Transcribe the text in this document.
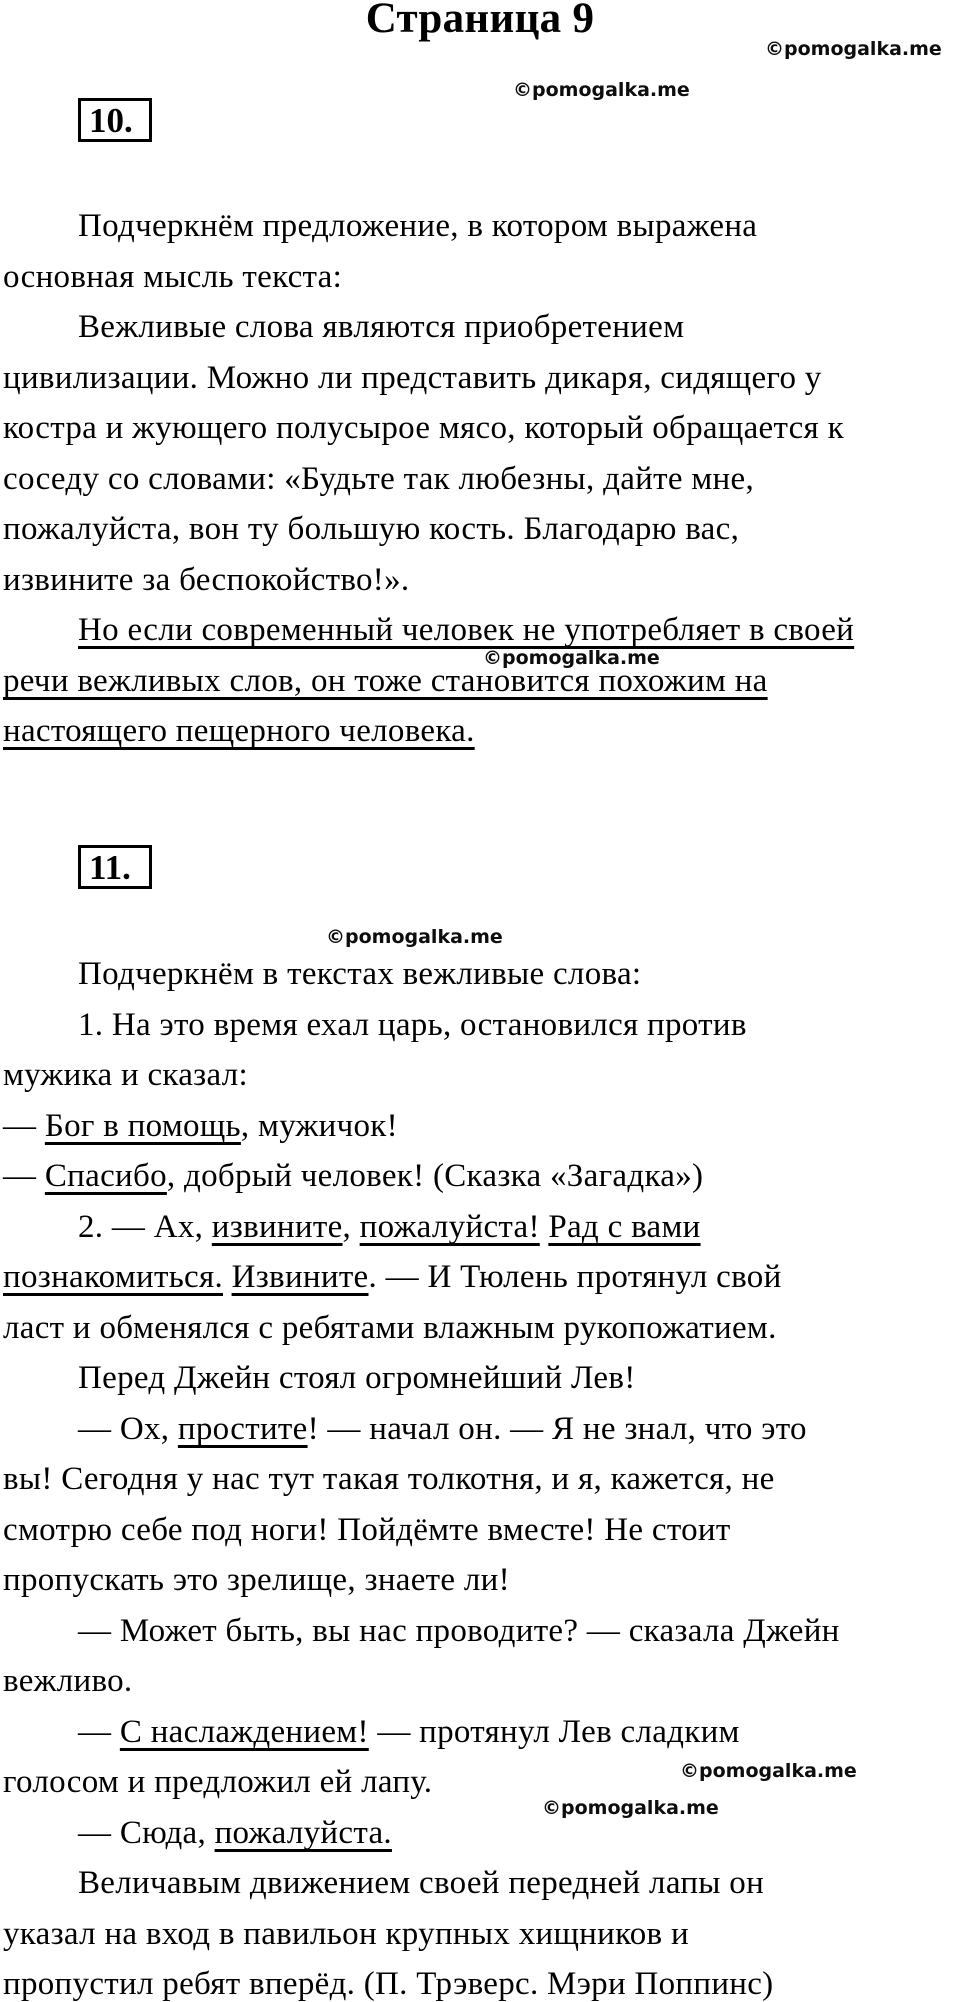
Страница 9
©pomogalka.me
©pomogalka.me
©pomogalka.me
©pomogalka.me
©pomogalka.me
©pomogalka.me
10.
Подчеркнём предложение, в котором выражена
основная мысль текста:
Вежливые слова являются приобретением
цивилизации. Можно ли представить дикаря, сидящего у
костра и жующего полусырое мясо, который обращается к
соседу со словами: «Будьте так любезны, дайте мне,
пожалуйста, вон ту большую кость. Благодарю вас,
извините за беспокойство!».
Но если современный человек не употребляет в своей
речи вежливых слов, он тоже становится похожим на
настоящего пещерного человека.
11.
Подчеркнём в текстах вежливые слова:
1. На это время ехал царь, остановился против
мужика и сказал:
— Бог в помощь, мужичок!
— Спасибо, добрый человек! (Сказка «Загадка»)
2. — Ах, извините, пожалуйста! Рад с вами
познакомиться. Извините. — И Тюлень протянул свой
ласт и обменялся с ребятами влажным рукопожатием.
Перед Джейн стоял огромнейший Лев!
— Ох, простите! — начал он. — Я не знал, что это
вы! Сегодня у нас тут такая толкотня, и я, кажется, не
смотрю себе под ноги! Пойдёмте вместе! Не стоит
пропускать это зрелище, знаете ли!
— Может быть, вы нас проводите? — сказала Джейн
вежливо.
— С наслаждением! — протянул Лев сладким
голосом и предложил ей лапу.
— Сюда, пожалуйста.
Величавым движением своей передней лапы он
указал на вход в павильон крупных хищников и
пропустил ребят вперёд. (П. Трэверс. Мэри Поппинс)
